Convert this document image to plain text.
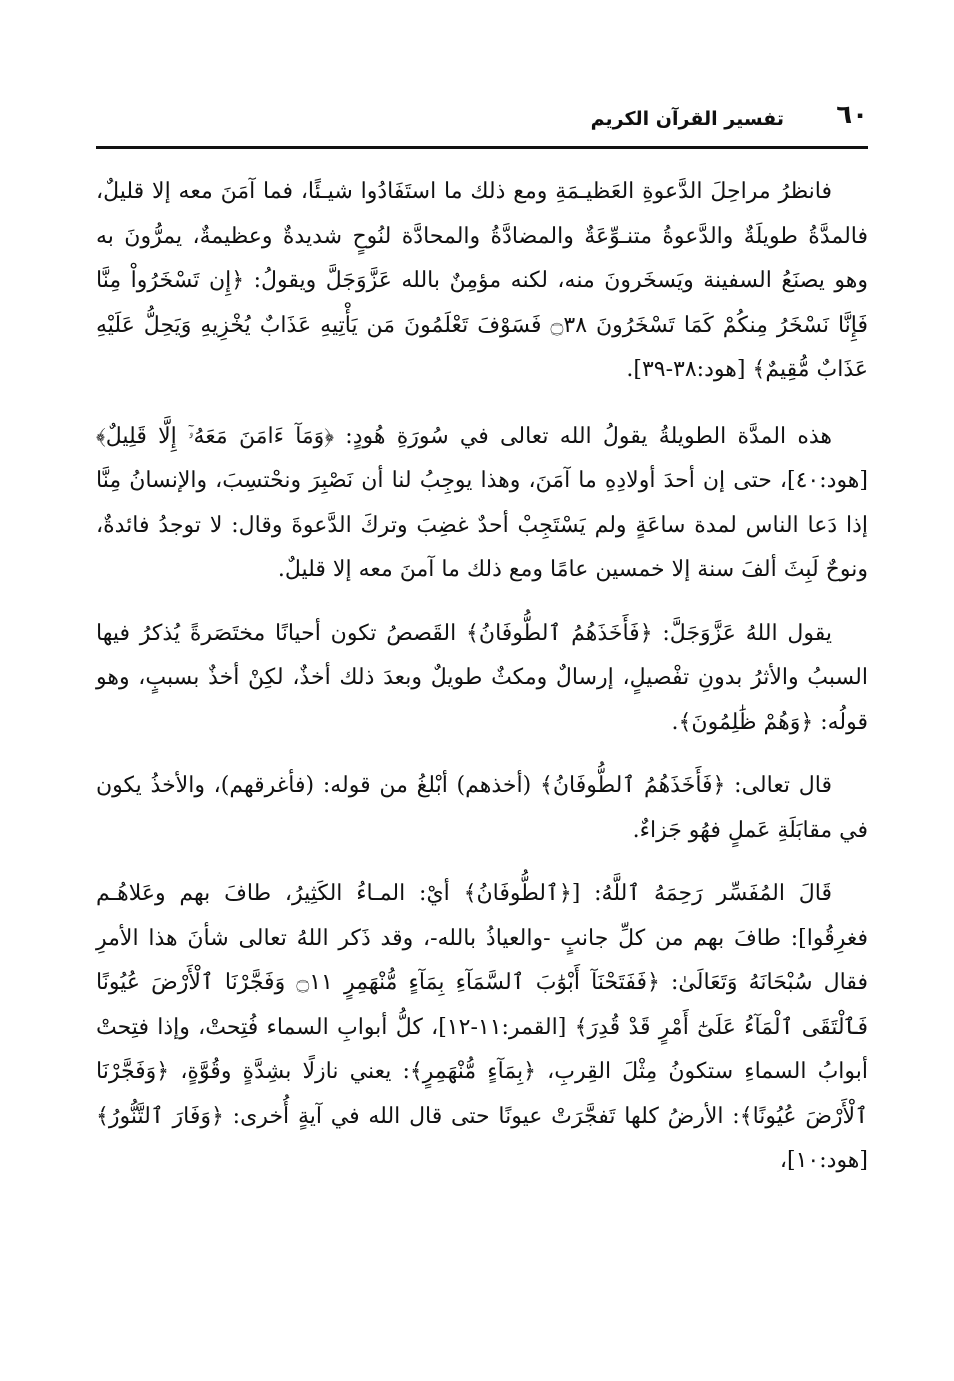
٦٠
تفسير القرآن الكريم

فانظرُ مراحِلَ الدَّعوةِ العَظيـمَةِ ومع ذلك ما استَفَادُوا شيـئًا، فما آمَنَ معه إلا قليلٌ، فالمدَّةُ طويلَةٌ والدَّعوةُ متنـوِّعَةٌ والمضادَّةُ والمحادَّة لنُوحٍ شديدةٌ وعظيمةٌ، يمرُّونَ به وهو يصنَعُ السفينة ويَسخَرونَ منه، لكنه مؤمِنٌ بالله عَزَّوَجَلَّ ويقولُ: ﴿إِن تَسْخَرُواْ مِنَّا فَإِنَّا نَسْخَرُ مِنكُمْ كَمَا تَسْخَرُونَ ۝٣٨ فَسَوْفَ تَعْلَمُونَ مَن يَأْتِيهِ عَذَابٌ يُخْزِيهِ وَيَحِلُّ عَلَيْهِ عَذَابٌ مُّقِيمٌ﴾ [هود:٣٨-٣٩].

هذه المدَّة الطويلةُ يقولُ الله تعالى في سُورَةِ هُودٍ: ﴿وَمَآ ءَامَنَ مَعَهُۥٓ إِلَّا قَلِيلٌ﴾ [هود:٤٠]، حتى إن أحدَ أولادِهِ ما آمَنَ، وهذا يوجِبُ لنا أن نَصْبِرَ ونحْتسِبَ، والإنسانُ مِنَّا إذا دَعا الناس لمدة ساعَةٍ ولم يَسْتَجِبْ أحدٌ غضِبَ وتركَ الدَّعوةَ وقال: لا توجدُ فائدةٌ، ونوحٌ لَبِثَ ألفَ سنة إلا خمسين عامًا ومع ذلك ما آمنَ معه إلا قليلٌ.

يقول اللهُ عَزَّوَجَلَّ: ﴿فَأَخَذَهُمُ ٱلطُّوفَانُ﴾ القَصصُ تكون أحيانًا مختَصَرةً يُذكرُ فيها السببُ والأثرُ بدونِ تفْصيلٍ، إرسالٌ ومكثٌ طويلٌ وبعدَ ذلك أخذٌ، لكِنْ أخذٌ بسببٍ، وهو قولُه: ﴿وَهُمْ ظَٰلِمُونَ﴾.

قال تعالى: ﴿فَأَخَذَهُمُ ٱلطُّوفَانُ﴾ (أخذهم) أبْلغُ من قوله: (فأغرقهم)، والأخذُ يكون في مقابَلَةِ عَملٍ فهُو جَزاءٌ.

قَالَ المُفَسِّر رَحِمَهُ ٱللَّهُ: [﴿ٱلطُّوفَانُ﴾ أيْ: المـاءُ الكَثِيرُ، طافَ بهم وعَلاهُـم فغرِقُوا]: طافَ بهم من كلِّ جانبٍ -والعياذُ بالله-، وقد ذَكر اللهُ تعالى شأنَ هذا الأمرِ فقال سُبْحَانَهُ وَتَعَالَىٰ: ﴿فَفَتَحْنَآ أَبْوَٰبَ ٱلسَّمَآءِ بِمَآءٍ مُّنْهَمِرٍ ۝١١ وَفَجَّرْنَا ٱلْأَرْضَ عُيُونًا فَٱلْتَقَى ٱلْمَآءُ عَلَىٰٓ أَمْرٍ قَدْ قُدِرَ﴾ [القمر:١١-١٢]، كلُّ أبوابِ السماء فُتِحتْ، وإذا فتِحتْ أبوابُ السماءِ ستكونُ مِثْلَ القِربِ، ﴿بِمَآءٍ مُّنْهَمِرٍ﴾: يعني نازلًا بشِدَّةٍ وقُوَّةٍ، ﴿وَفَجَّرْنَا ٱلْأَرْضَ عُيُونًا﴾: الأرضُ كلها تَفجَّرَتْ عيونًا حتى قال الله في آيةٍ أُخرى: ﴿وَفَارَ ٱلتَّنُّورُ﴾ [هود:١٠]،
